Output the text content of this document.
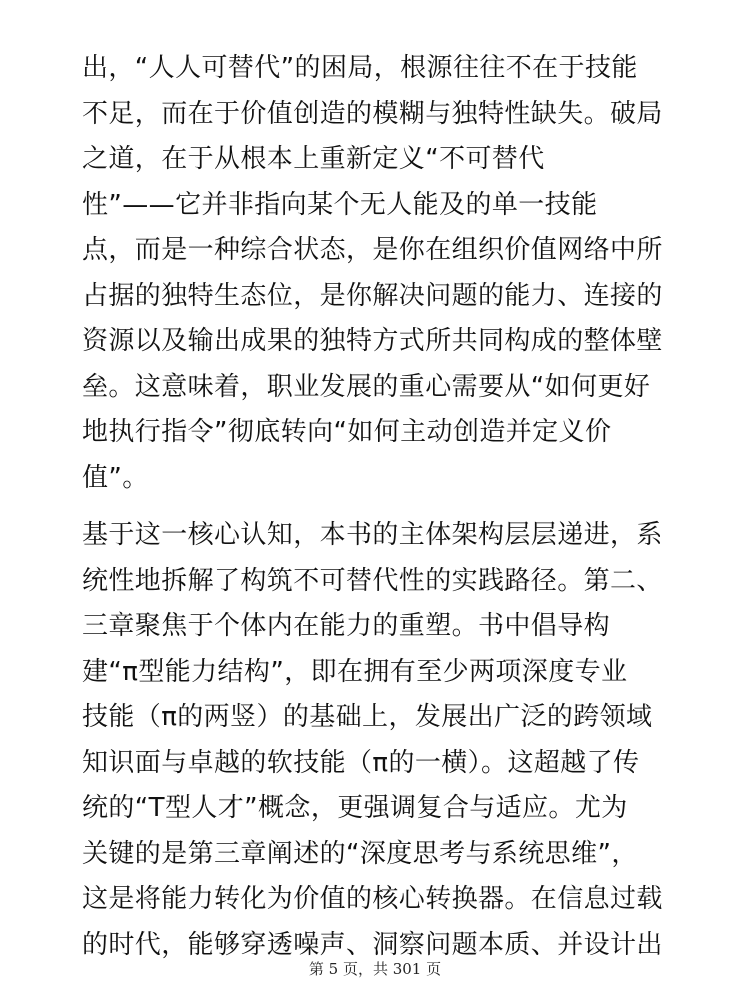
出，“人人可替代”的困局，根源往往不在于技能
不足，而在于价值创造的模糊与独特性缺失。破局
之道，在于从根本上重新定义“不可替代
性”——它并非指向某个无人能及的单一技能
点，而是一种综合状态，是你在组织价值网络中所
占据的独特生态位，是你解决问题的能力、连接的
资源以及输出成果的独特方式所共同构成的整体壁
垒。这意味着，职业发展的重心需要从“如何更好
地执行指令”彻底转向“如何主动创造并定义价
值”。

基于这一核心认知，本书的主体架构层层递进，系
统性地拆解了构筑不可替代性的实践路径。第二、
三章聚焦于个体内在能力的重塑。书中倡导构
建“π型能力结构”，即在拥有至少两项深度专业
技能（π的两竖）的基础上，发展出广泛的跨领域
知识面与卓越的软技能（π的一横）。这超越了传
统的“T型人才”概念，更强调复合与适应。尤为
关键的是第三章阐述的“深度思考与系统思维”，
这是将能力转化为价值的核心转换器。在信息过载
的时代，能够穿透噪声、洞察问题本质、并设计出

第 5 页，共 301 页
